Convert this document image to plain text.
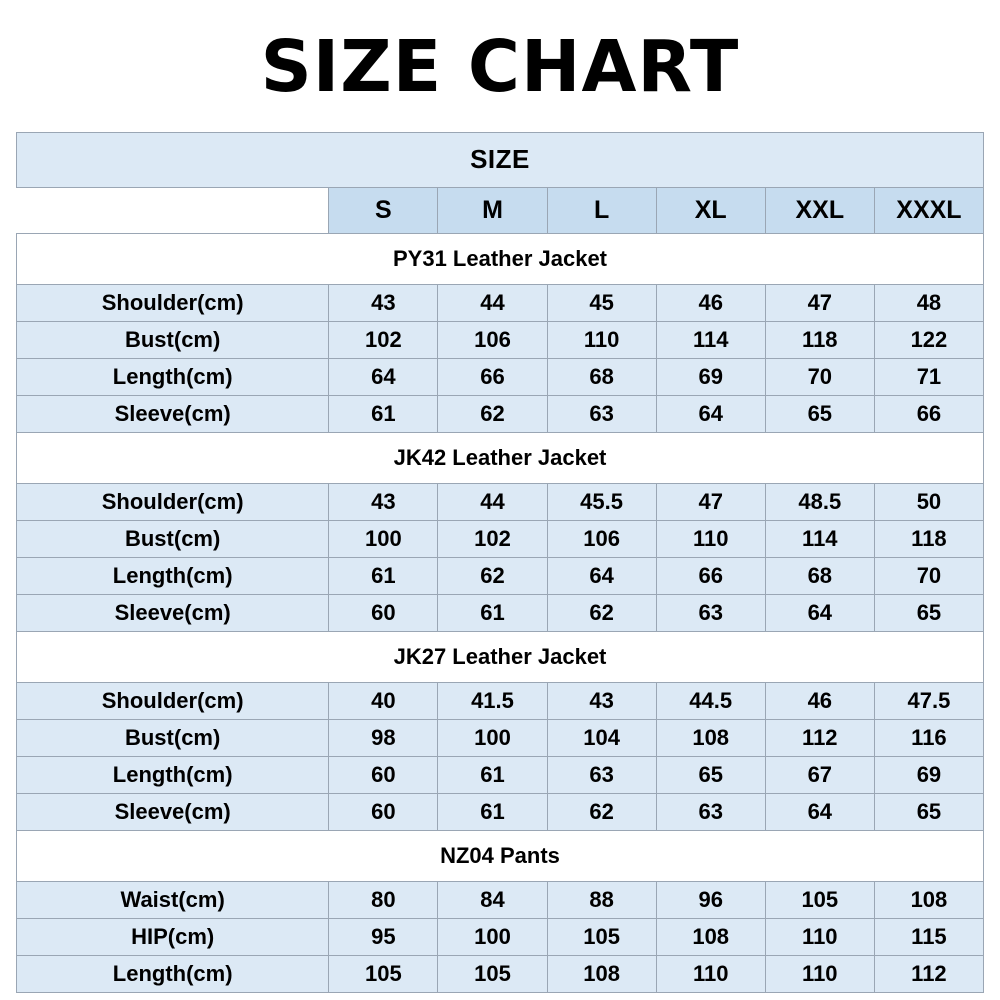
SIZE CHART
SIZE						
	S	M	L	XL	XXL	XXXL
PY31 Leather Jacket						
Shoulder(cm)	43	44	45	46	47	48
Bust(cm)	102	106	110	114	118	122
Length(cm)	64	66	68	69	70	71
Sleeve(cm)	61	62	63	64	65	66
JK42 Leather Jacket						
Shoulder(cm)	43	44	45.5	47	48.5	50
Bust(cm)	100	102	106	110	114	118
Length(cm)	61	62	64	66	68	70
Sleeve(cm)	60	61	62	63	64	65
JK27 Leather Jacket						
Shoulder(cm)	40	41.5	43	44.5	46	47.5
Bust(cm)	98	100	104	108	112	116
Length(cm)	60	61	63	65	67	69
Sleeve(cm)	60	61	62	63	64	65
NZ04 Pants						
Waist(cm)	80	84	88	96	105	108
HIP(cm)	95	100	105	108	110	115
Length(cm)	105	105	108	110	110	112
